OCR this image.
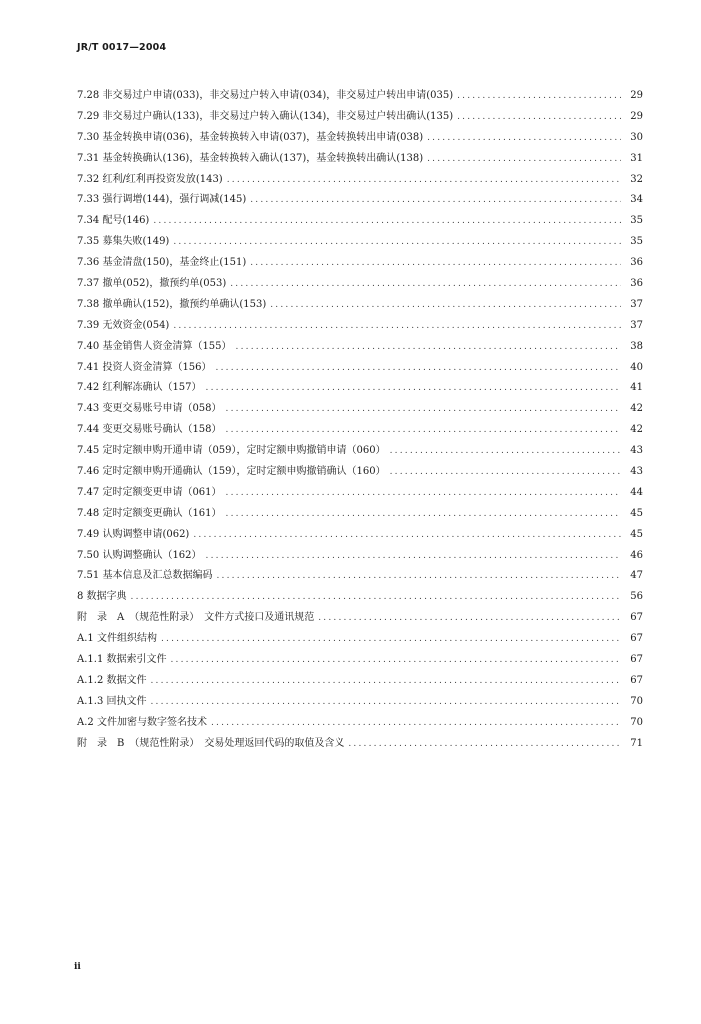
JR/T 0017—2004
7.28 非交易过户申请(033)，非交易过户转入申请(034)，非交易过户转出申请(035) .....	29
7.29 非交易过户确认(133)，非交易过户转入确认(134)，非交易过户转出确认(135) .....	29
7.30 基金转换申请(036)，基金转换转入申请(037)，基金转换转出申请(038) .....	30
7.31 基金转换确认(136)，基金转换转入确认(137)，基金转换转出确认(138) .....	31
7.32 红利/红利再投资发放(143) .....	32
7.33 强行调增(144)，强行调减(145) .....	34
7.34 配号(146) .....	35
7.35 募集失败(149) .....	35
7.36 基金清盘(150)，基金终止(151) .....	36
7.37 撤单(052)，撤预约单(053) .....	36
7.38 撤单确认(152)，撤预约单确认(153) .....	37
7.39 无效资金(054) .....	37
7.40 基金销售人资金清算（155） .....	38
7.41 投资人资金清算（156） .....	40
7.42 红利解冻确认（157） .....	41
7.43 变更交易账号申请（058） .....	42
7.44 变更交易账号确认（158） .....	42
7.45 定时定额申购开通申请（059），定时定额申购撤销申请（060） .....	43
7.46 定时定额申购开通确认（159），定时定额申购撤销确认（160） .....	43
7.47 定时定额变更申请（061） .....	44
7.48 定时定额变更确认（161） .....	45
7.49 认购调整申请(062) .....	45
7.50 认购调整确认（162） .....	46
7.51 基本信息及汇总数据编码 .....	47
8 数据字典 .....	56
附　录　A　（规范性附录）　文件方式接口及通讯规范 .....	67
A.1 文件组织结构 .....	67
A.1.1 数据索引文件 .....	67
A.1.2 数据文件 .....	67
A.1.3 回执文件 .....	70
A.2 文件加密与数字签名技术 .....	70
附　录　B　（规范性附录）　交易处理返回代码的取值及含义 .....	71
ii
